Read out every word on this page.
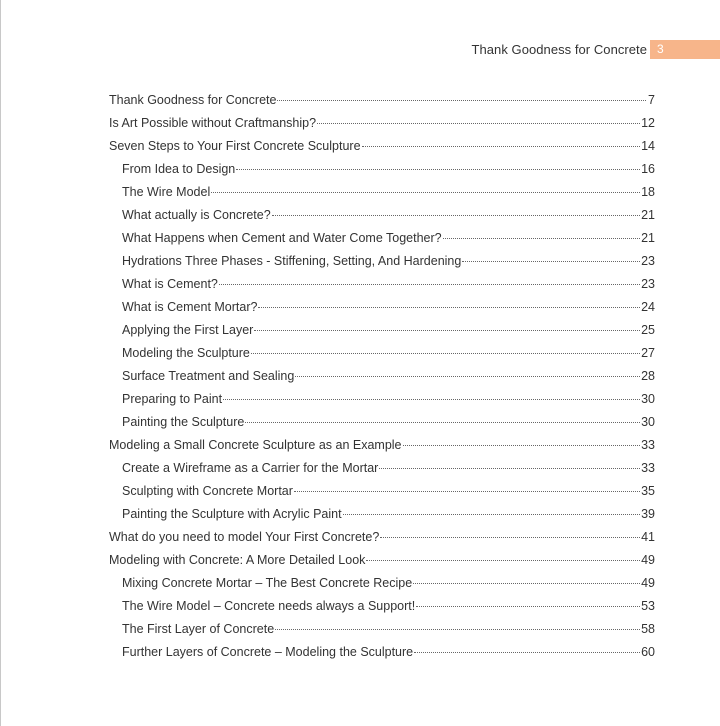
Thank Goodness for Concrete 3
Thank Goodness for Concrete	7
Is Art Possible without Craftmanship?	12
Seven Steps to Your First Concrete Sculpture	14
From Idea to Design	16
The Wire Model	18
What actually is Concrete?	21
What Happens when Cement and Water Come Together?	21
Hydrations Three Phases - Stiffening, Setting, And Hardening	23
What is Cement?	23
What is Cement Mortar?	24
Applying the First Layer	25
Modeling the Sculpture	27
Surface Treatment and Sealing	28
Preparing to Paint	30
Painting the Sculpture	30
Modeling a Small Concrete Sculpture as an Example	33
Create a Wireframe as a Carrier for the Mortar	33
Sculpting with Concrete Mortar	35
Painting the Sculpture with Acrylic Paint	39
What do you need to model Your First Concrete?	41
Modeling with Concrete: A More Detailed Look	49
Mixing Concrete Mortar – The Best Concrete Recipe	49
The Wire Model – Concrete needs always a Support!	53
The First Layer of Concrete	58
Further Layers of Concrete – Modeling the Sculpture	60
